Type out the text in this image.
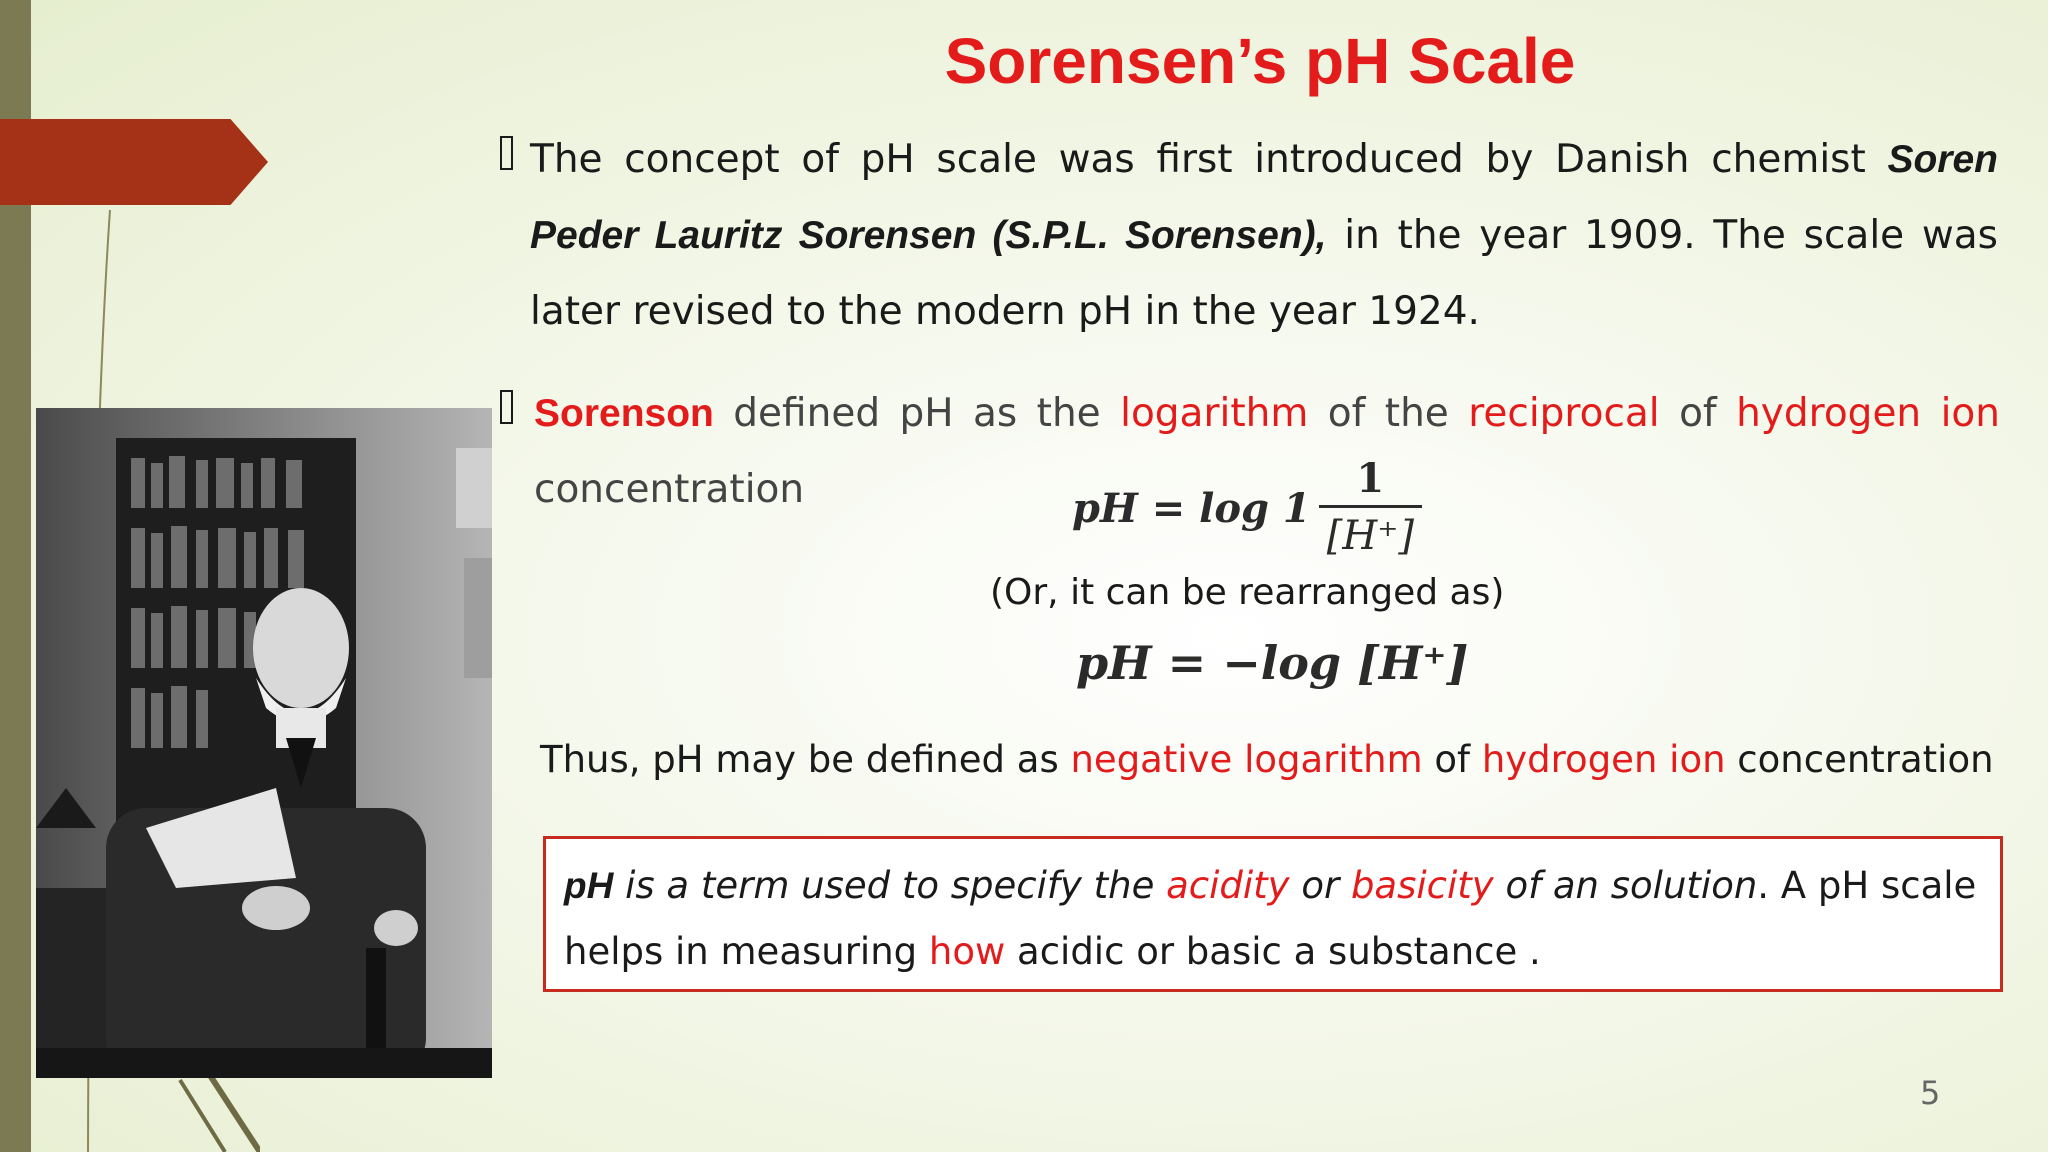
Sorensen’s pH Scale
The concept of pH scale was first introduced by Danish chemist Soren Peder Lauritz Sorensen (S.P.L. Sorensen), in the year 1909. The scale was later revised to the modern pH in the year 1924.
Sorenson defined pH as the logarithm of the reciprocal of hydrogen ion concentration	pH = $\log 1 \frac{1}{[H^+]}$
(Or, it can be rearranged as)
pH = −log [H⁺]
Thus, pH may be defined as negative logarithm of hydrogen ion concentration
pH is a term used to specify the acidity or basicity of an solution. A pH scale helps in measuring how acidic or basic a substance .
5
